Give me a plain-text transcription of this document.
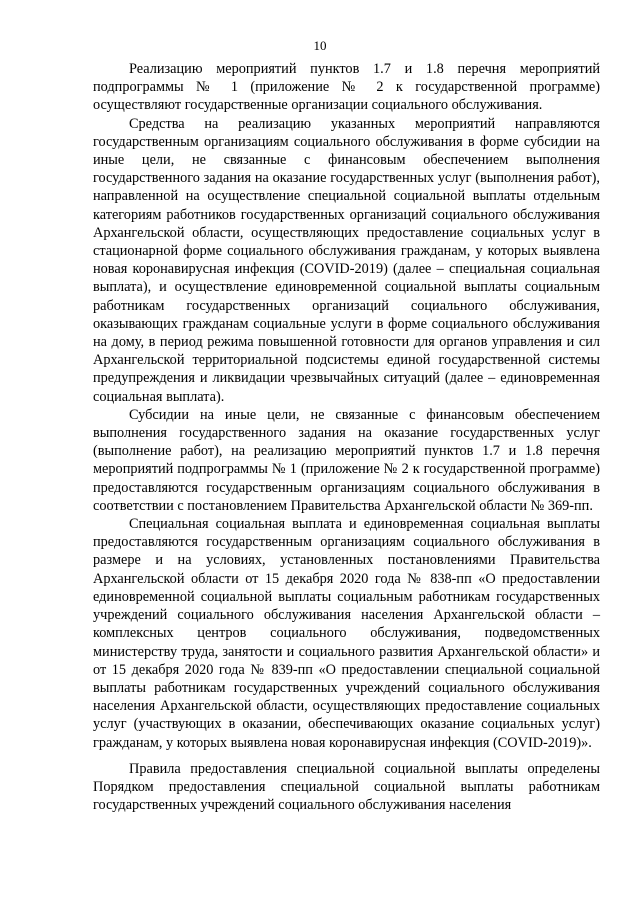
10

Реализацию мероприятий пунктов 1.7 и 1.8 перечня мероприятий подпрограммы № 1 (приложение № 2 к государственной программе) осуществляют государственные организации социального обслуживания.

Средства на реализацию указанных мероприятий направляются государственным организациям социального обслуживания в форме субсидии на иные цели, не связанные с финансовым обеспечением выполнения государственного задания на оказание государственных услуг (выполнения работ), направленной на осуществление специальной социальной выплаты отдельным категориям работников государственных организаций социального обслуживания Архангельской области, осуществляющих предоставление социальных услуг в стационарной форме социального обслуживания гражданам, у которых выявлена новая коронавирусная инфекция (COVID-2019) (далее – специальная социальная выплата), и осуществление единовременной социальной выплаты социальным работникам государственных организаций социального обслуживания, оказывающих гражданам социальные услуги в форме социального обслуживания на дому, в период режима повышенной готовности для органов управления и сил Архангельской территориальной подсистемы единой государственной системы предупреждения и ликвидации чрезвычайных ситуаций (далее – единовременная социальная выплата).

Субсидии на иные цели, не связанные с финансовым обеспечением выполнения государственного задания на оказание государственных услуг (выполнение работ), на реализацию мероприятий пунктов 1.7 и 1.8 перечня мероприятий подпрограммы № 1 (приложение № 2 к государственной программе) предоставляются государственным организациям социального обслуживания в соответствии с постановлением Правительства Архангельской области № 369-пп.

Специальная социальная выплата и единовременная социальная выплаты предоставляются государственным организациям социального обслуживания в размере и на условиях, установленных постановлениями Правительства Архангельской области от 15 декабря 2020 года № 838-пп «О предоставлении единовременной социальной выплаты социальным работникам государственных учреждений социального обслуживания населения Архангельской области – комплексных центров социального обслуживания, подведомственных министерству труда, занятости и социального развития Архангельской области» и от 15 декабря 2020 года № 839-пп «О предоставлении специальной социальной выплаты работникам государственных учреждений социального обслуживания населения Архангельской области, осуществляющих предоставление социальных услуг (участвующих в оказании, обеспечивающих оказание социальных услуг) гражданам, у которых выявлена новая коронавирусная инфекция (COVID-2019)».

Правила предоставления специальной социальной выплаты определены Порядком предоставления специальной социальной выплаты работникам государственных учреждений социального обслуживания населения
